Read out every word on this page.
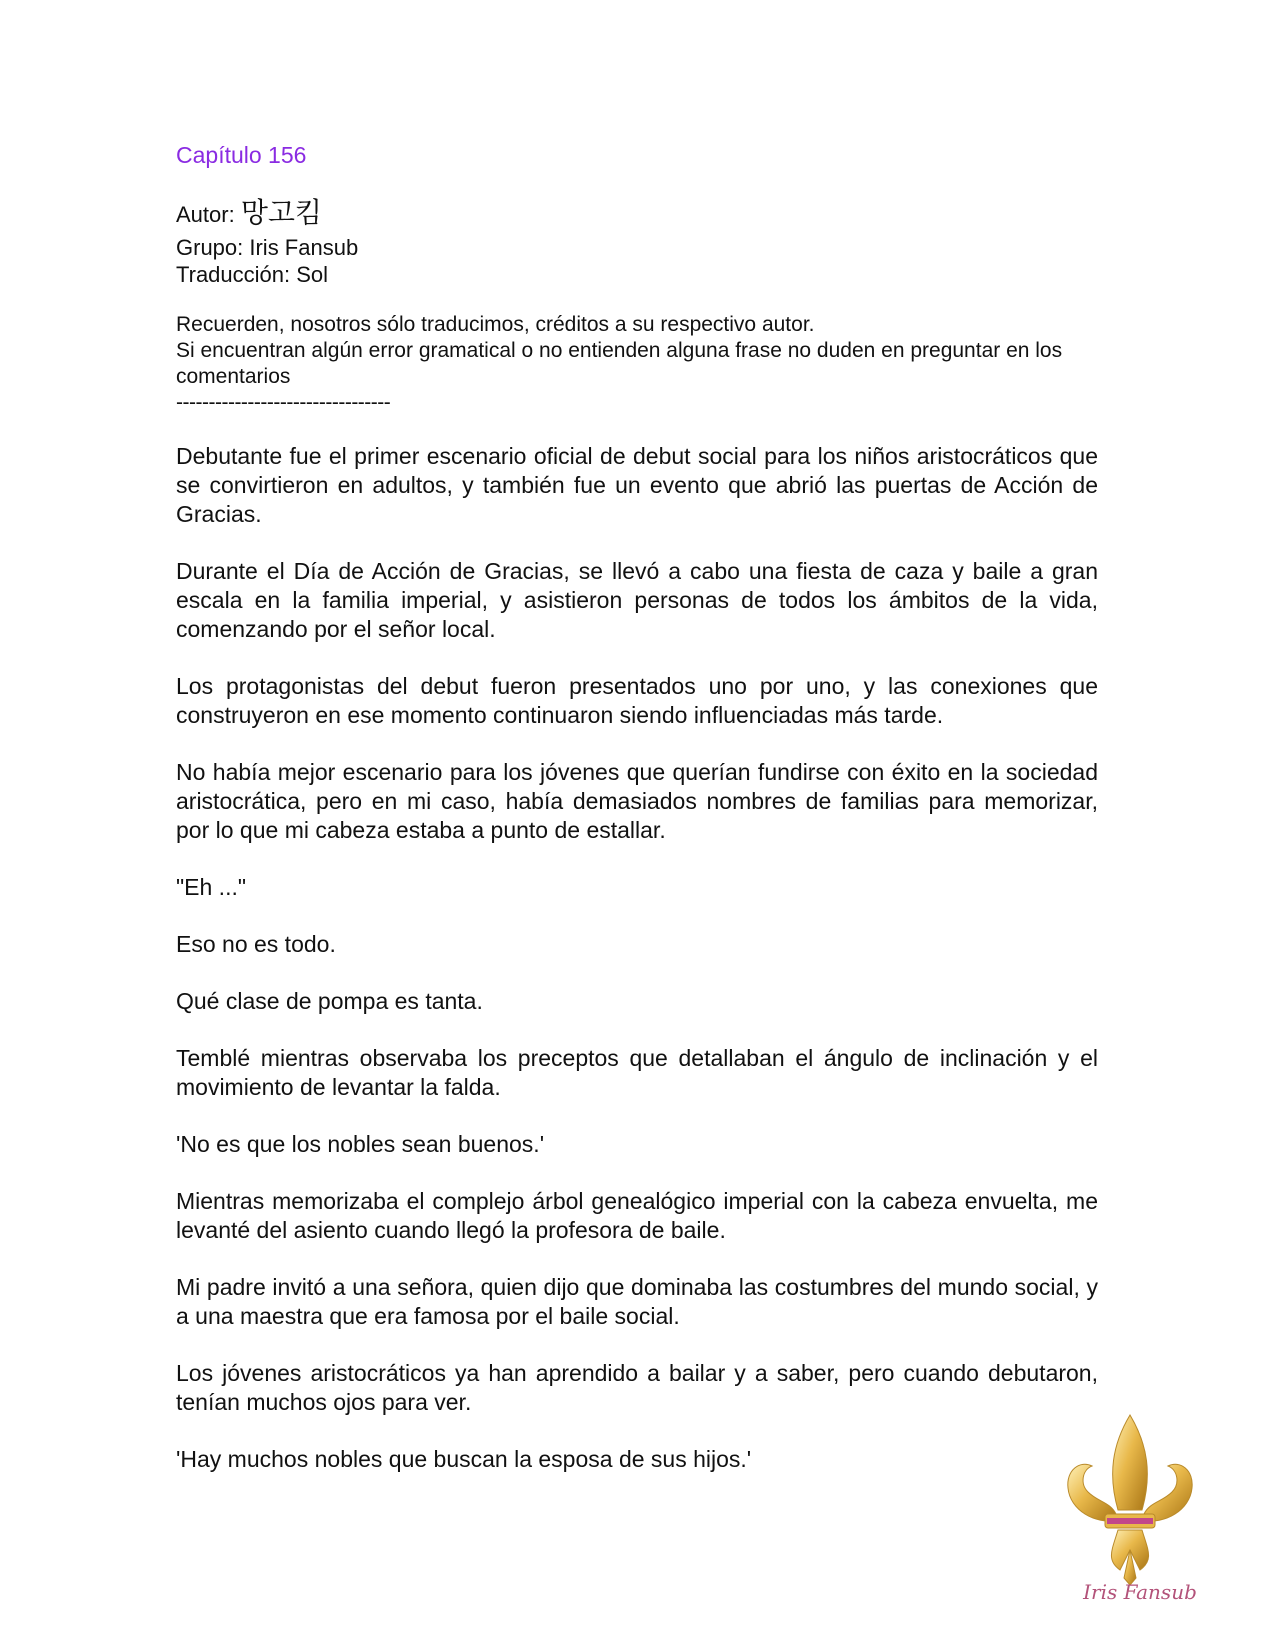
Capítulo 156

Autor: 망고킴

Grupo: Iris Fansub

Traducción: Sol

Recuerden, nosotros sólo traducimos, créditos a su respectivo autor.

Si encuentran algún error gramatical o no entienden alguna frase no duden en preguntar en los comentarios

---------------------------------

Debutante fue el primer escenario oficial de debut social para los niños aristocráticos que se convirtieron en adultos, y también fue un evento que abrió las puertas de Acción de Gracias.

Durante el Día de Acción de Gracias, se llevó a cabo una fiesta de caza y baile a gran escala en la familia imperial, y asistieron personas de todos los ámbitos de la vida, comenzando por el señor local.

Los protagonistas del debut fueron presentados uno por uno, y las conexiones que construyeron en ese momento continuaron siendo influenciadas más tarde.

No había mejor escenario para los jóvenes que querían fundirse con éxito en la sociedad aristocrática, pero en mi caso, había demasiados nombres de familias para memorizar, por lo que mi cabeza estaba a punto de estallar.

"Eh ..."

Eso no es todo.

Qué clase de pompa es tanta.

Temblé mientras observaba los preceptos que detallaban el ángulo de inclinación y el movimiento de levantar la falda.

'No es que los nobles sean buenos.'

Mientras memorizaba el complejo árbol genealógico imperial con la cabeza envuelta, me levanté del asiento cuando llegó la profesora de baile.

Mi padre invitó a una señora, quien dijo que dominaba las costumbres del mundo social, y a una maestra que era famosa por el baile social.

Los jóvenes aristocráticos ya han aprendido a bailar y a saber, pero cuando debutaron, tenían muchos ojos para ver.

'Hay muchos nobles que buscan la esposa de sus hijos.'

Iris Fansub
